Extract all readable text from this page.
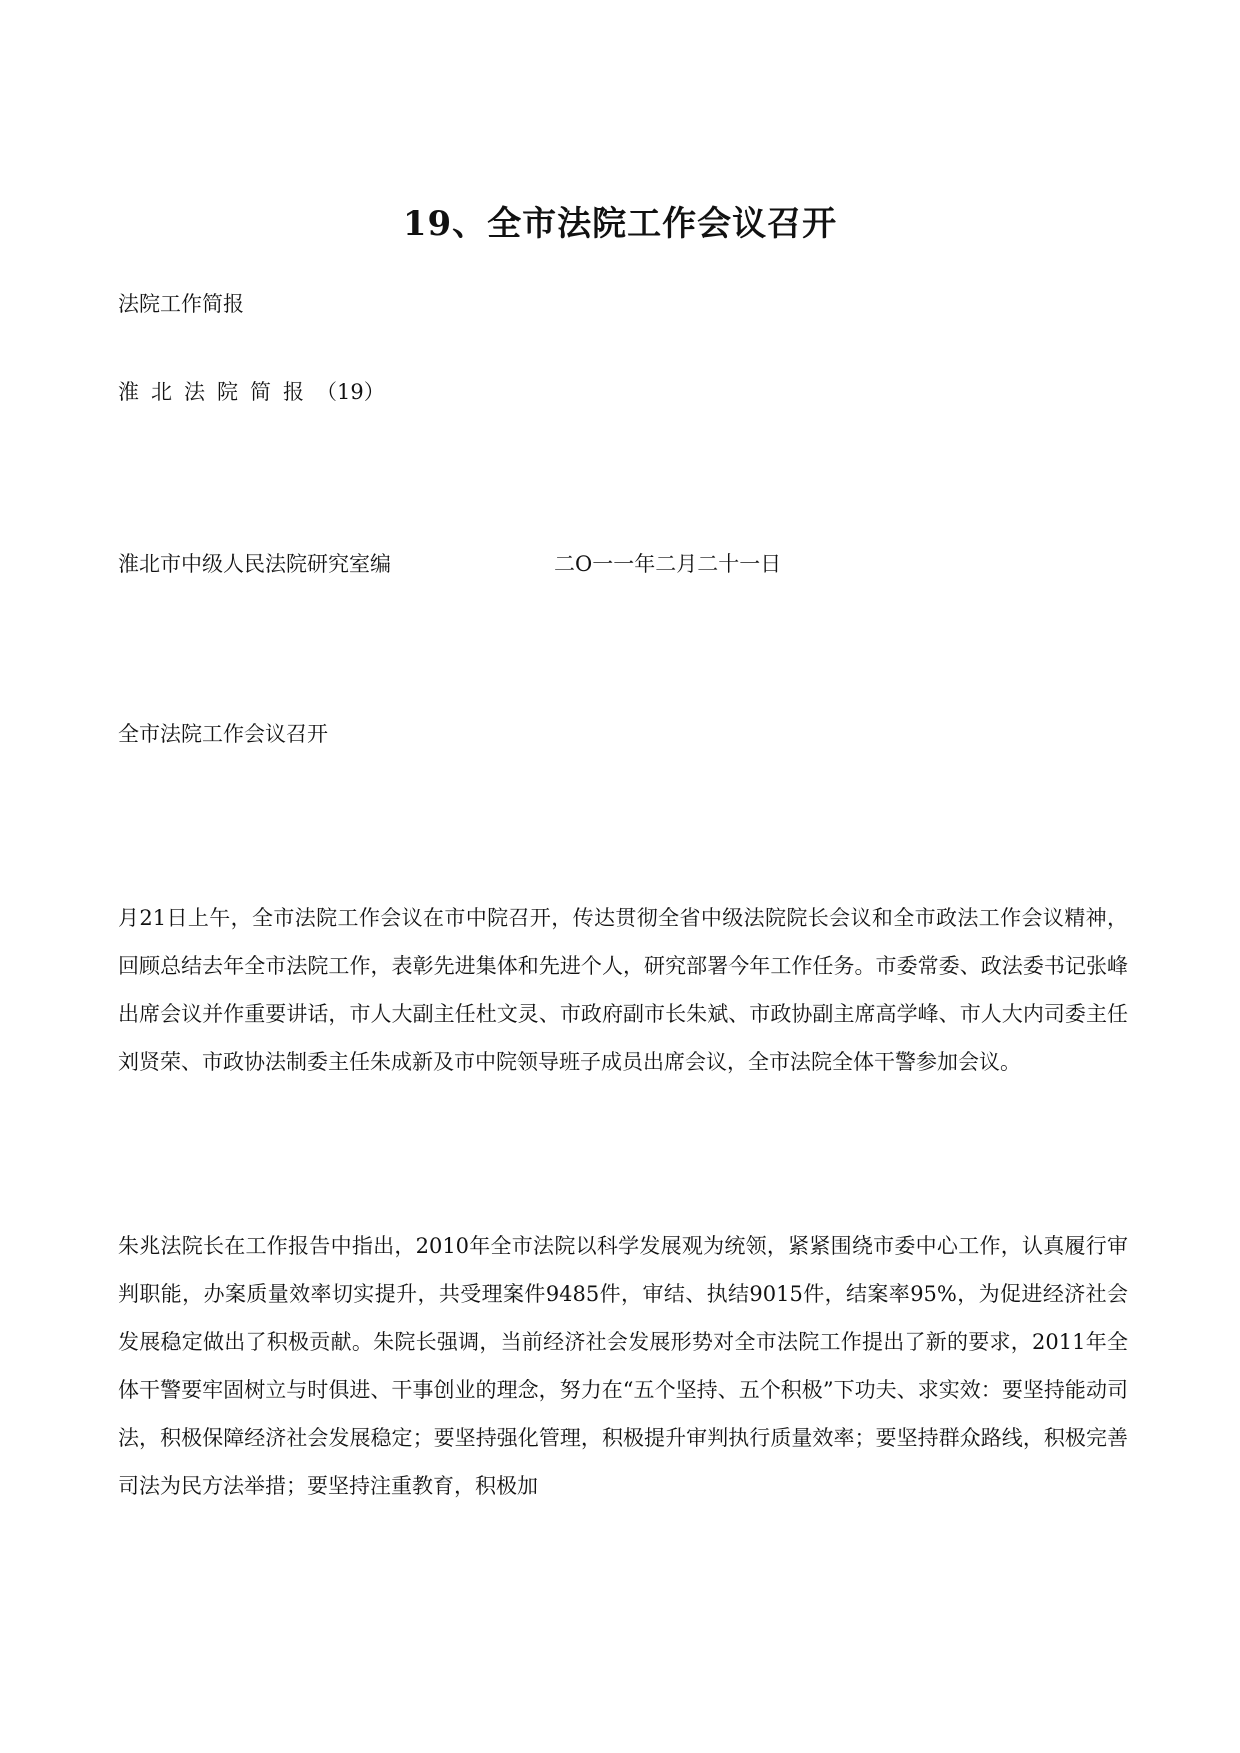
19、全市法院工作会议召开

法院工作简报

淮北法院简报（19）

淮北市中级人民法院研究室编	二O一一年二月二十一日

全市法院工作会议召开

月21日上午，全市法院工作会议在市中院召开，传达贯彻全省中级法院院长会议和全市政法工作会议精神，回顾总结去年全市法院工作，表彰先进集体和先进个人，研究部署今年工作任务。市委常委、政法委书记张峰出席会议并作重要讲话，市人大副主任杜文灵、市政府副市长朱斌、市政协副主席高学峰、市人大内司委主任刘贤荣、市政协法制委主任朱成新及市中院领导班子成员出席会议，全市法院全体干警参加会议。

朱兆法院长在工作报告中指出，2010年全市法院以科学发展观为统领，紧紧围绕市委中心工作，认真履行审判职能，办案质量效率切实提升，共受理案件9485件，审结、执结9015件，结案率95%，为促进经济社会发展稳定做出了积极贡献。朱院长强调，当前经济社会发展形势对全市法院工作提出了新的要求，2011年全体干警要牢固树立与时俱进、干事创业的理念，努力在“五个坚持、五个积极”下功夫、求实效：要坚持能动司法，积极保障经济社会发展稳定；要坚持强化管理，积极提升审判执行质量效率；要坚持群众路线，积极完善司法为民方法举措；要坚持注重教育，积极加
